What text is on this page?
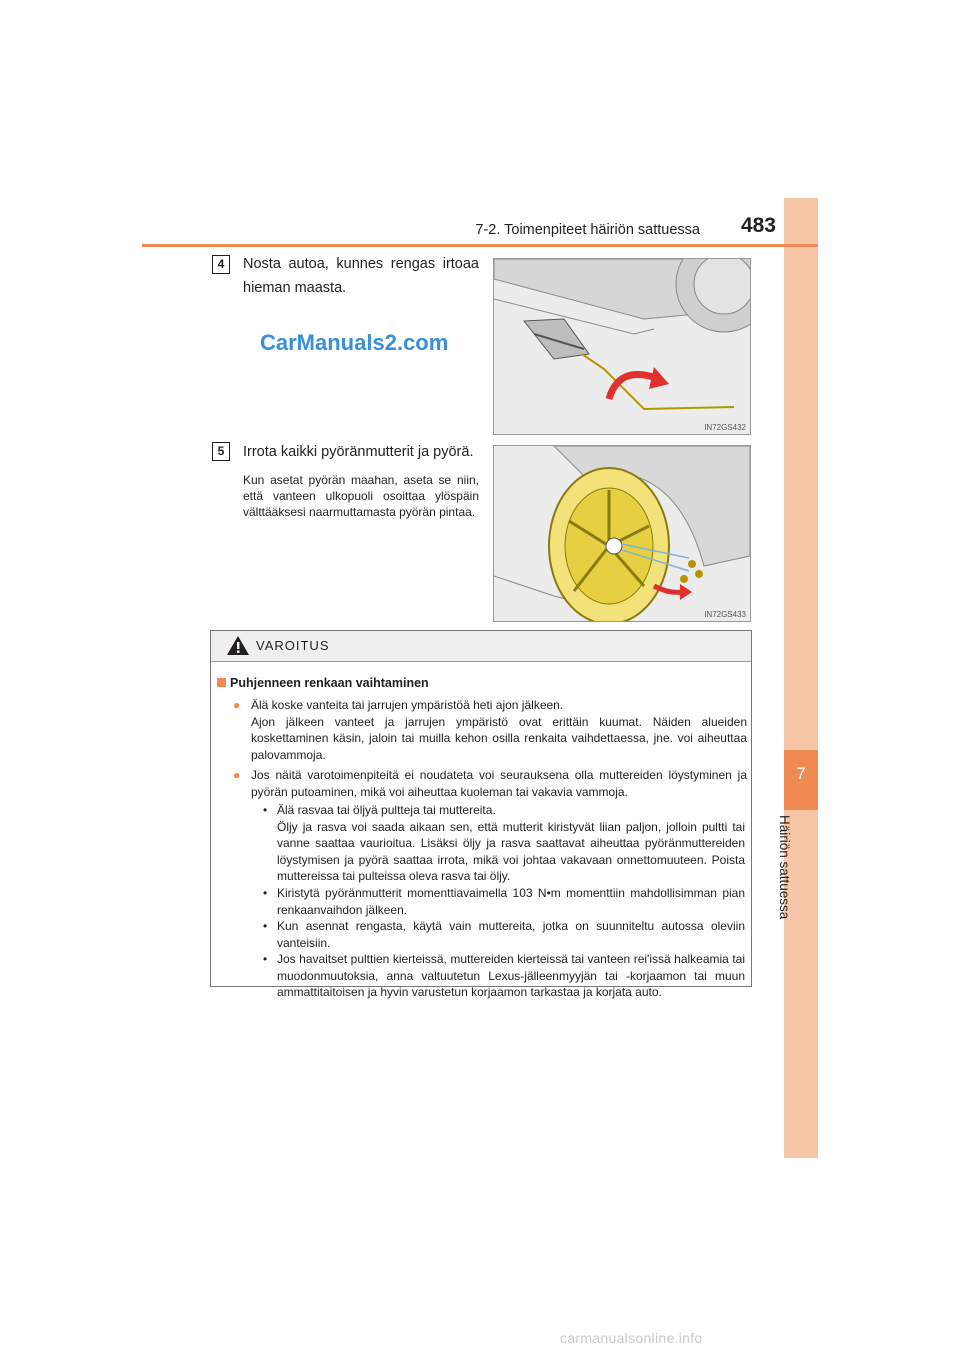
7
Häiriön sattuessa
7-2. Toimenpiteet häiriön sattuessa	483
4	Nosta autoa, kunnes rengas irtoaa hieman maasta.
IN72GS432
CarManuals2.com
5	Irrota kaikki pyöränmutterit ja pyörä.
Kun asetat pyörän maahan, aseta se niin, että vanteen ulkopuoli osoittaa ylöspäin välttääksesi naarmuttamasta pyörän pintaa.
IN72GS433
VAROITUS
Puhjenneen renkaan vaihtaminen
● Älä koske vanteita tai jarrujen ympäristöä heti ajon jälkeen.
Ajon jälkeen vanteet ja jarrujen ympäristö ovat erittäin kuumat. Näiden alueiden koskettaminen käsin, jaloin tai muilla kehon osilla renkaita vaihdettaessa, jne. voi aiheuttaa palovammoja.
● Jos näitä varotoimenpiteitä ei noudateta voi seurauksena olla muttereiden löystyminen ja pyörän putoaminen, mikä voi aiheuttaa kuoleman tai vakavia vammoja.
• Älä rasvaa tai öljyä pultteja tai muttereita.
Öljy ja rasva voi saada aikaan sen, että mutterit kiristyvät liian paljon, jolloin pultti tai vanne saattaa vaurioitua. Lisäksi öljy ja rasva saattavat aiheuttaa pyöränmuttereiden löystymisen ja pyörä saattaa irrota, mikä voi johtaa vakavaan onnettomuuteen. Poista muttereissa tai pulteissa oleva rasva tai öljy.
• Kiristytä pyöränmutterit momenttiavaimella 103 N•m momenttiin mahdollisimman pian renkaanvaihdon jälkeen.
• Kun asennat rengasta, käytä vain muttereita, jotka on suunniteltu autossa oleviin vanteisiin.
• Jos havaitset pulttien kierteissä, muttereiden kierteissä tai vanteen rei'issä halkeamia tai muodonmuutoksia, anna valtuutetun Lexus-jälleenmyyjän tai -korjaamon tai muun ammattitaitoisen ja hyvin varustetun korjaamon tarkastaa ja korjata auto.
carmanualsonline.info
